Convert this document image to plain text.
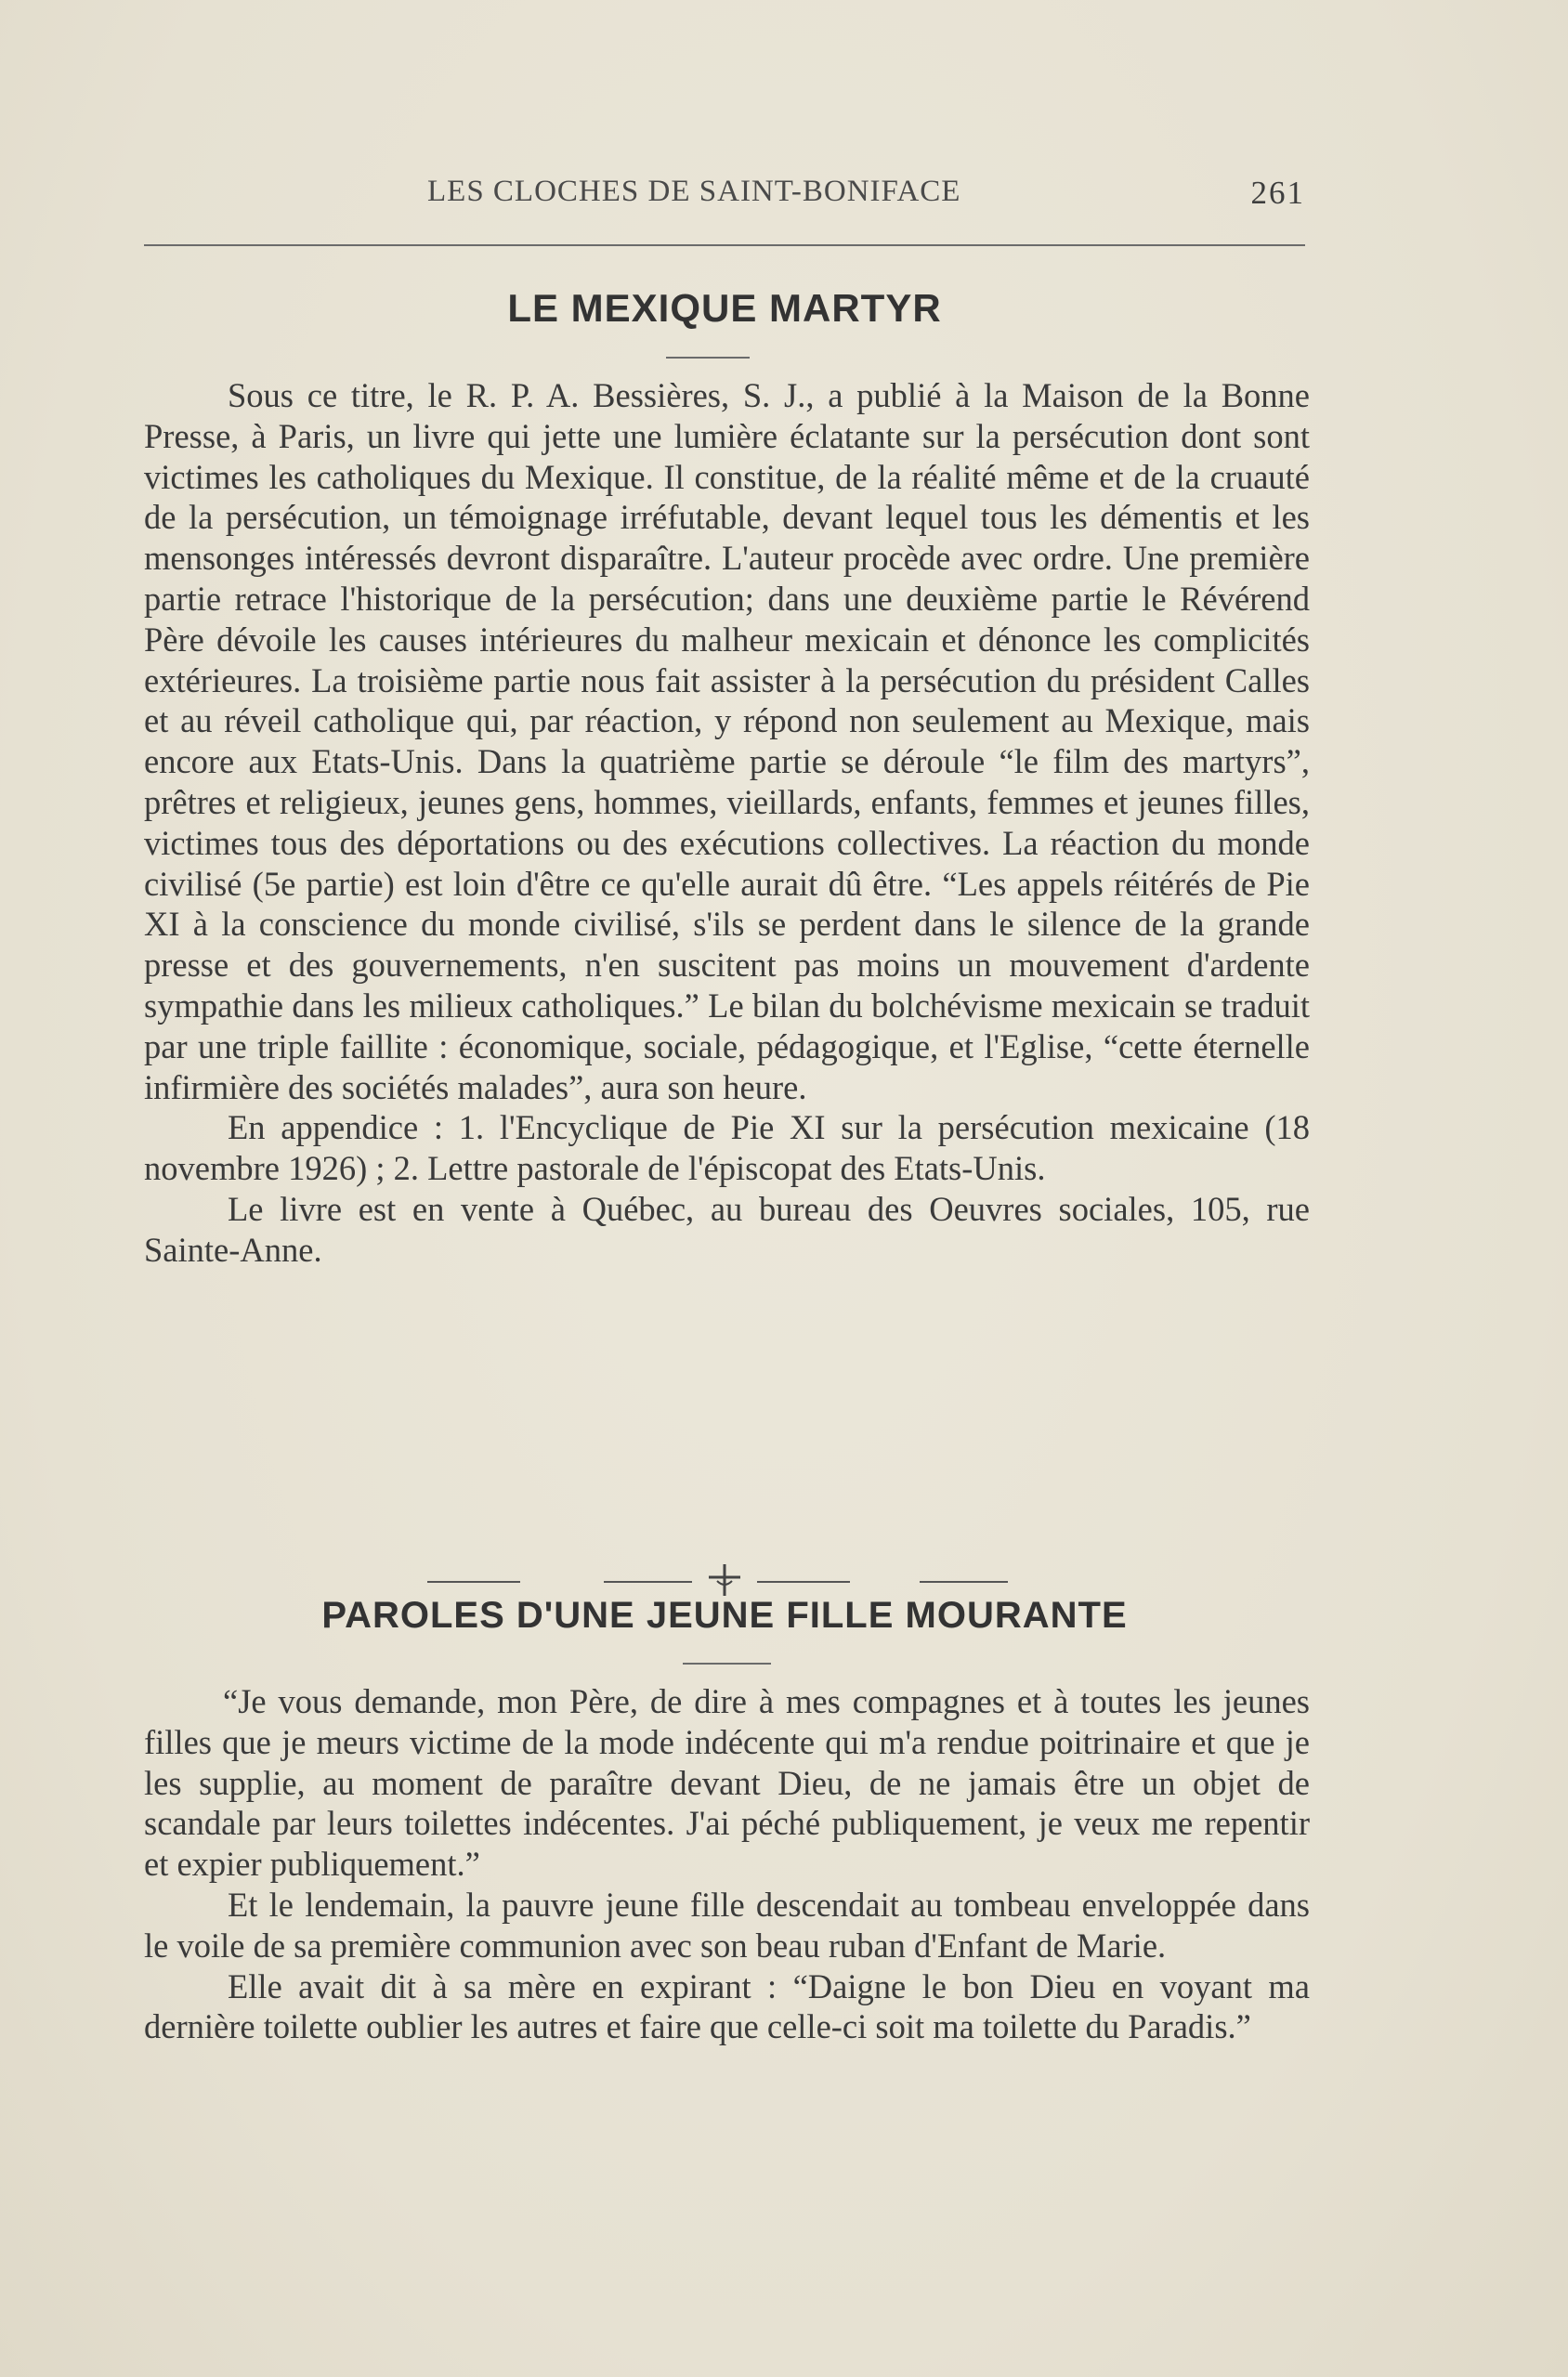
LES CLOCHES DE SAINT-BONIFACE	261
LE MEXIQUE MARTYR

Sous ce titre, le R. P. A. Bessières, S. J., a publié à la Maison de la Bonne Presse, à Paris, un livre qui jette une lumière éclatante sur la persécution dont sont victimes les catholiques du Mexique. Il constitue, de la réalité même et de la cruauté de la persécution, un témoignage irréfutable, devant lequel tous les démentis et les mensonges intéressés devront disparaître. L'auteur procède avec ordre. Une première partie retrace l'historique de la persécution; dans une deuxième partie le Révérend Père dévoile les causes intérieures du malheur mexicain et dénonce les complicités extérieures. La troisième partie nous fait assister à la persécution du président Calles et au réveil catholique qui, par réaction, y répond non seulement au Mexique, mais encore aux Etats-Unis. Dans la quatrième partie se déroule “le film des martyrs”, prêtres et religieux, jeunes gens, hommes, vieillards, enfants, femmes et jeunes filles, victimes tous des déportations ou des exécutions collectives. La réaction du monde civilisé (5e partie) est loin d'être ce qu'elle aurait dû être. “Les appels réitérés de Pie XI à la conscience du monde civilisé, s'ils se perdent dans le silence de la grande presse et des gouvernements, n'en suscitent pas moins un mouvement d'ardente sympathie dans les milieux catholiques.” Le bilan du bolchévisme mexicain se traduit par une triple faillite : économique, sociale, pédagogique, et l'Eglise, “cette éternelle infirmière des sociétés malades”, aura son heure.

En appendice : 1. l'Encyclique de Pie XI sur la persécution mexicaine (18 novembre 1926) ; 2. Lettre pastorale de l'épiscopat des Etats-Unis.

Le livre est en vente à Québec, au bureau des Oeuvres sociales, 105, rue Sainte-Anne.

PAROLES D'UNE JEUNE FILLE MOURANTE

“Je vous demande, mon Père, de dire à mes compagnes et à toutes les jeunes filles que je meurs victime de la mode indécente qui m'a rendue poitrinaire et que je les supplie, au moment de paraître devant Dieu, de ne jamais être un objet de scandale par leurs toilettes indécentes. J'ai péché publiquement, je veux me repentir et expier publiquement.”

Et le lendemain, la pauvre jeune fille descendait au tombeau enveloppée dans le voile de sa première communion avec son beau ruban d'Enfant de Marie.

Elle avait dit à sa mère en expirant : “Daigne le bon Dieu en voyant ma dernière toilette oublier les autres et faire que celle-ci soit ma toilette du Paradis.”
